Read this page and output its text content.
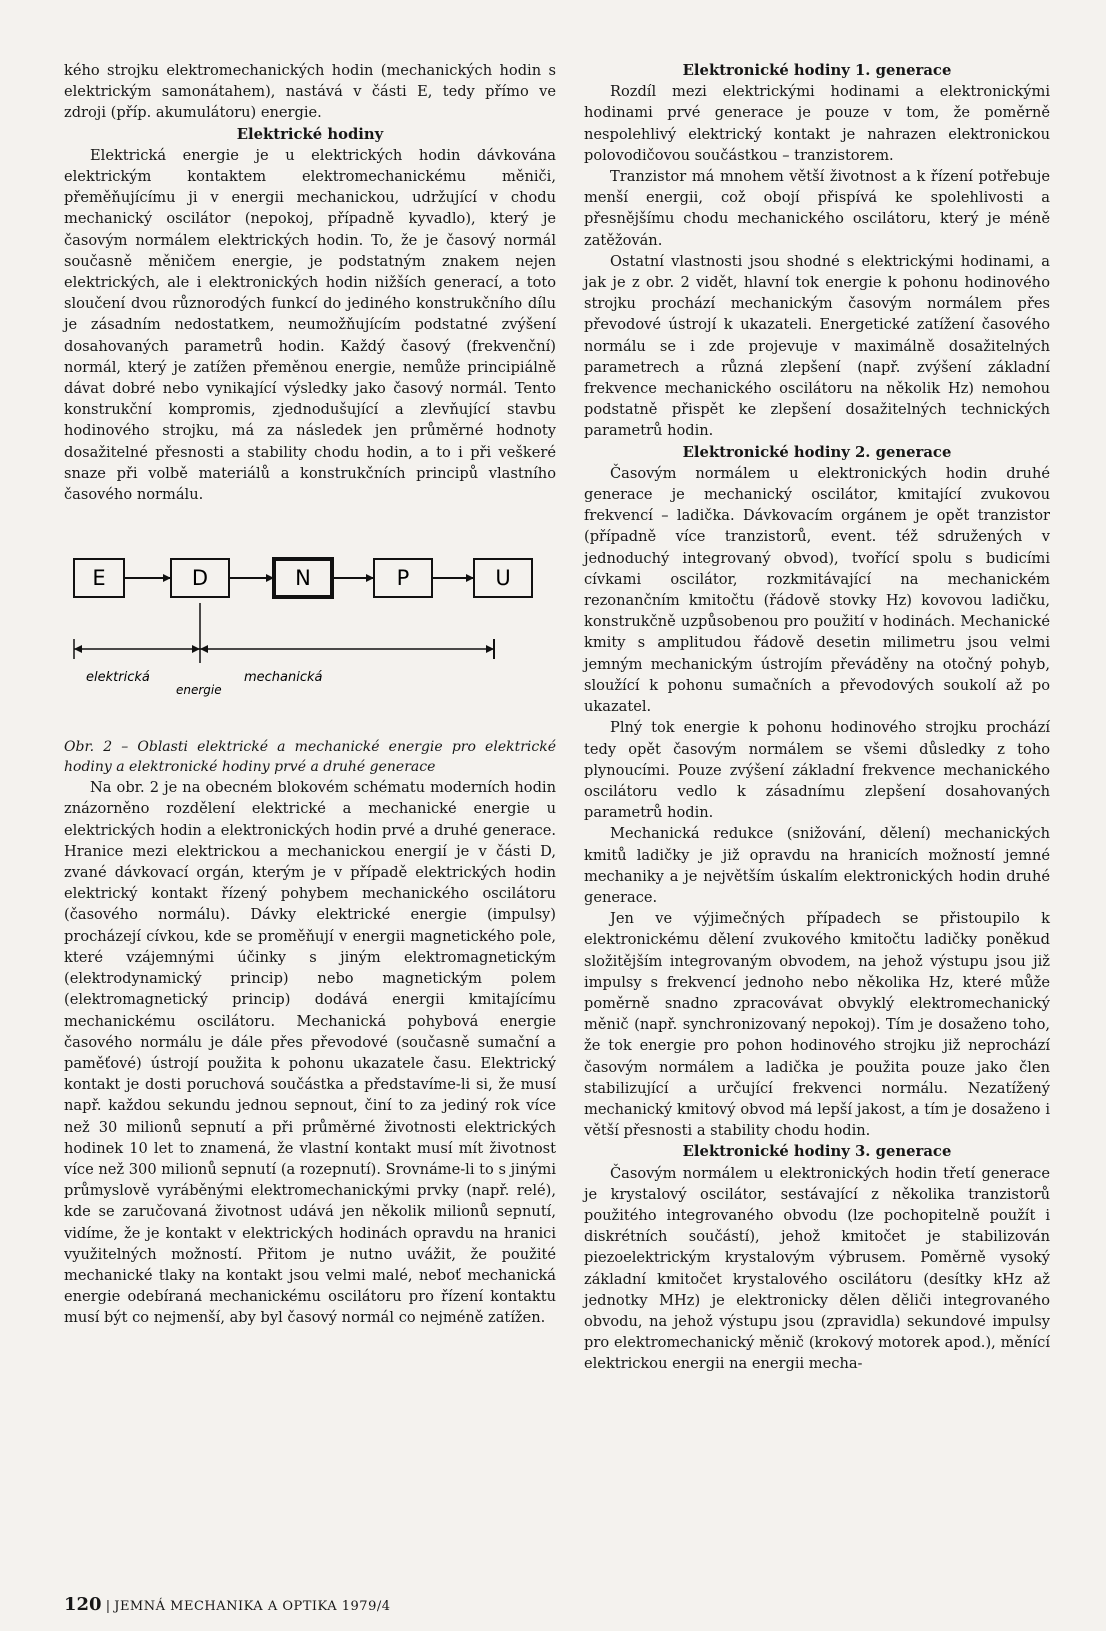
kého strojku elektromechanických hodin (mechanických hodin s elektrickým samonátahem), nastává v části E, tedy přímo ve zdroji (příp. akumulátoru) energie.

Elektrické hodiny

Elektrická energie je u elektrických hodin dávkována elektrickým kontaktem elektromechanickému měniči, přeměňujícímu ji v energii mechanickou, udržující v chodu mechanický oscilátor (nepokoj, případně kyvadlo), který je časovým normálem elektrických hodin. To, že je časový normál současně měničem energie, je podstatným znakem nejen elektrických, ale i elektronických hodin nižších generací, a toto sloučení dvou různorodých funkcí do jediného konstrukčního dílu je zásadním nedostatkem, neumožňujícím podstatné zvýšení dosahovaných parametrů hodin. Každý časový (frekvenční) normál, který je zatížen přeměnou energie, nemůže principiálně dávat dobré nebo vynikající výsledky jako časový normál. Tento konstrukční kompromis, zjednodušující a zlevňující stavbu hodinového strojku, má za následek jen průměrné hodnoty dosažitelné přesnosti a stability chodu hodin, a to i při veškeré snaze při volbě materiálů a konstrukčních principů vlastního časového normálu.

E	D	N	P	U
elektrická
energie
mechanická

Obr. 2 – Oblasti elektrické a mechanické energie pro elektrické hodiny a elektronické hodiny prvé a druhé generace

Na obr. 2 je na obecném blokovém schématu moderních hodin znázorněno rozdělení elektrické a mechanické energie u elektrických hodin a elektronických hodin prvé a druhé generace. Hranice mezi elektrickou a mechanickou energií je v části D, zvané dávkovací orgán, kterým je v případě elektrických hodin elektrický kontakt řízený pohybem mechanického oscilátoru (časového normálu). Dávky elektrické energie (impulsy) procházejí cívkou, kde se proměňují v energii magnetického pole, které vzájemnými účinky s jiným elektromagnetickým (elektrodynamický princip) nebo magnetickým polem (elektromagnetický princip) dodává energii kmitajícímu mechanickému oscilátoru. Mechanická pohybová energie časového normálu je dále přes převodové (současně sumační a paměťové) ústrojí použita k pohonu ukazatele času. Elektrický kontakt je dosti poruchová součástka a představíme-li si, že musí např. každou sekundu jednou sepnout, činí to za jediný rok více než 30 milionů sepnutí a při průměrné životnosti elektrických hodinek 10 let to znamená, že vlastní kontakt musí mít životnost více než 300 milionů sepnutí (a rozepnutí). Srovnáme-li to s jinými průmyslově vyráběnými elektromechanickými prvky (např. relé), kde se zaručovaná životnost udává jen několik milionů sepnutí, vidíme, že je kontakt v elektrických hodinách opravdu na hranici využitelných možností. Přitom je nutno uvážit, že použité mechanické tlaky na kontakt jsou velmi malé, neboť mechanická energie odebíraná mechanickému oscilátoru pro řízení kontaktu musí být co nejmenší, aby byl časový normál co nejméně zatížen.

Elektronické hodiny 1. generace

Rozdíl mezi elektrickými hodinami a elektronickými hodinami prvé generace je pouze v tom, že poměrně nespolehlivý elektrický kontakt je nahrazen elektronickou polovodičovou součástkou – tranzistorem.

Tranzistor má mnohem větší životnost a k řízení potřebuje menší energii, což obojí přispívá ke spolehlivosti a přesnějšímu chodu mechanického oscilátoru, který je méně zatěžován.

Ostatní vlastnosti jsou shodné s elektrickými hodinami, a jak je z obr. 2 vidět, hlavní tok energie k pohonu hodinového strojku prochází mechanickým časovým normálem přes převodové ústrojí k ukazateli. Energetické zatížení časového normálu se i zde projevuje v maximálně dosažitelných parametrech a různá zlepšení (např. zvýšení základní frekvence mechanického oscilátoru na několik Hz) nemohou podstatně přispět ke zlepšení dosažitelných technických parametrů hodin.

Elektronické hodiny 2. generace

Časovým normálem u elektronických hodin druhé generace je mechanický oscilátor, kmitající zvukovou frekvencí – ladička. Dávkovacím orgánem je opět tranzistor (případně více tranzistorů, event. též sdružených v jednoduchý integrovaný obvod), tvořící spolu s budicími cívkami oscilátor, rozkmitávající na mechanickém rezonančním kmitočtu (řádově stovky Hz) kovovou ladičku, konstrukčně uzpůsobenou pro použití v hodinách. Mechanické kmity s amplitudou řádově desetin milimetru jsou velmi jemným mechanickým ústrojím převáděny na otočný pohyb, sloužící k pohonu sumačních a převodových soukolí až po ukazatel.

Plný tok energie k pohonu hodinového strojku prochází tedy opět časovým normálem se všemi důsledky z toho plynoucími. Pouze zvýšení základní frekvence mechanického oscilátoru vedlo k zásadnímu zlepšení dosahovaných parametrů hodin.

Mechanická redukce (snižování, dělení) mechanických kmitů ladičky je již opravdu na hranicích možností jemné mechaniky a je největším úskalím elektronických hodin druhé generace.

Jen ve výjimečných případech se přistoupilo k elektronickému dělení zvukového kmitočtu ladičky poněkud složitějším integrovaným obvodem, na jehož výstupu jsou již impulsy s frekvencí jednoho nebo několika Hz, které může poměrně snadno zpracovávat obvyklý elektromechanický měnič (např. synchronizovaný nepokoj). Tím je dosaženo toho, že tok energie pro pohon hodinového strojku již neprochází časovým normálem a ladička je použita pouze jako člen stabilizující a určující frekvenci normálu. Nezatížený mechanický kmitový obvod má lepší jakost, a tím je dosaženo i větší přesnosti a stability chodu hodin.

Elektronické hodiny 3. generace

Časovým normálem u elektronických hodin třetí generace je krystalový oscilátor, sestávající z několika tranzistorů použitého integrovaného obvodu (lze pochopitelně použít i diskrétních součástí), jehož kmitočet je stabilizován piezoelektrickým krystalovým výbrusem. Poměrně vysoký základní kmitočet krystalového oscilátoru (desítky kHz až jednotky MHz) je elektronicky dělen děliči integrovaného obvodu, na jehož výstupu jsou (zpravidla) sekundové impulsy pro elektromechanický měnič (krokový motorek apod.), měnící elektrickou energii na energii mecha-

120 | JEMNÁ MECHANIKA A OPTIKA 1979/4
